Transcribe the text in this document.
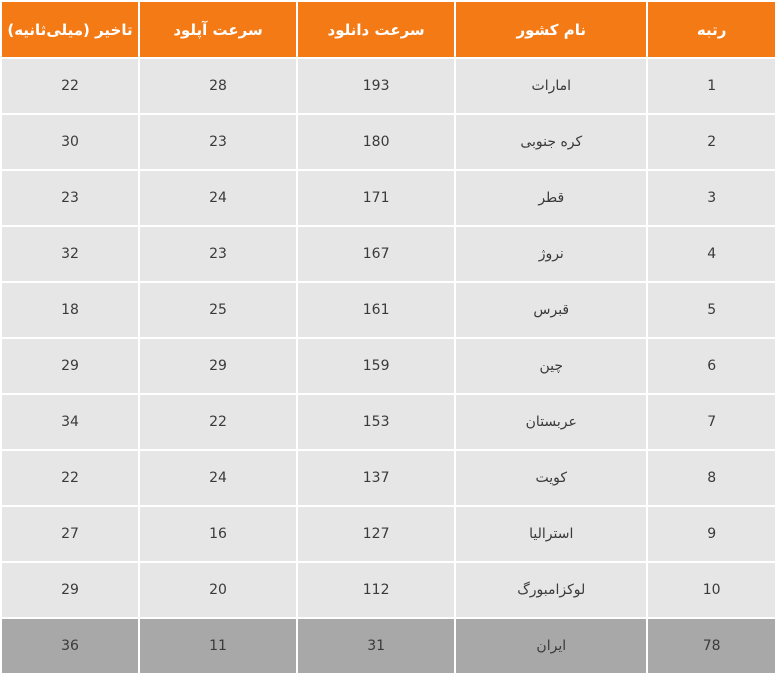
رتبه	نام کشور	سرعت دانلود	سرعت آپلود	تاخیر (میلی‌ثانیه)
1	امارات	193	28	22
2	کره جنوبی	180	23	30
3	قطر	171	24	23
4	نروژ	167	23	32
5	قبرس	161	25	18
6	چین	159	29	29
7	عربستان	153	22	34
8	کویت	137	24	22
9	استرالیا	127	16	27
10	لوکزامبورگ	112	20	29
78	ایران	31	11	36
